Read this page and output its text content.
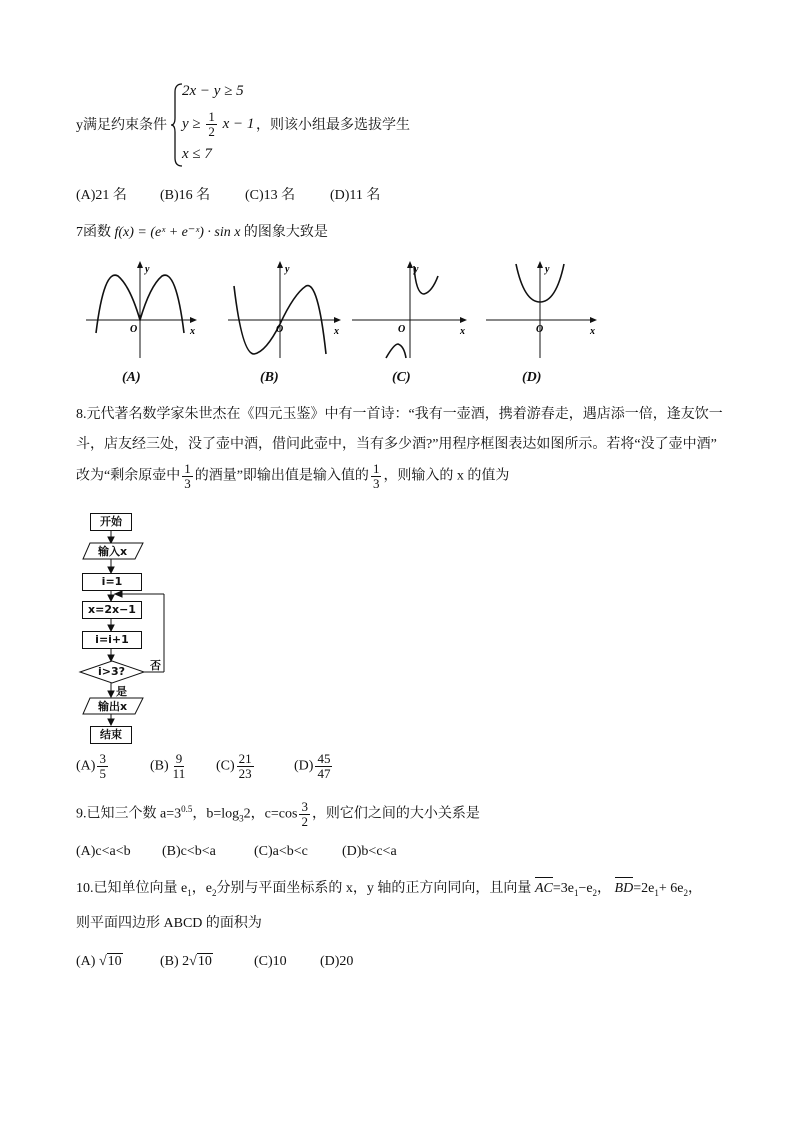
y满足约束条件
2x − y ≥ 5
$y \ge \frac{1}{2}$ x − 1
x ≤ 7
，则该小组最多选拔学生
(A)21 名 (B)16 名 (C)13 名 (D)11 名
7函数 f(x) = (eˣ + e⁻ˣ) · sin x 的图象大致是
y
x
O
(A)
y
x
O
(B)
y
x
O
(C)
y
x
O
(D)
8.元代著名数学家朱世杰在《四元玉鉴》中有一首诗：“我有一壶酒，携着游春走，遇店添一倍，逢友饮一
斗，店友经三处，没了壶中酒，借问此壶中，当有多少酒?”用程序框图表达如图所示。若将“没了壶中酒”
改为“剩余原壶中 $\frac{1}{3}$ 的酒量”即输出值是输入值的 $\frac{1}{3}$ ，则输入的 x 的值为
开始
输入x
i=1
x=2x−1
i=i+1
i>3? 否
是
输出x
结束
$(A) \frac{3}{5}$	$(B) \frac{9}{11} (C) \frac{21}{23}$	$(D) \frac{45}{47}$
9.已知三个数 $a=3^{0.5}$，$b=\log_32$，$c=\cos \frac{3}{2}$ ，则它们之间的大小关系是
(A)c<a<b (B)c<b<a	(C)a<b<c (D)b<c<a
10.已知单位向量 $e_1$，$e_2$分别与平面坐标系的 x，y 轴的正方向同向，且向量 $AC=3e_1-e_2$， $BD=2e_1+ 6e_2$，
则平面四边形 ABCD 的面积为
(A) √10	(B) 2√10	(C)10 (D)20
